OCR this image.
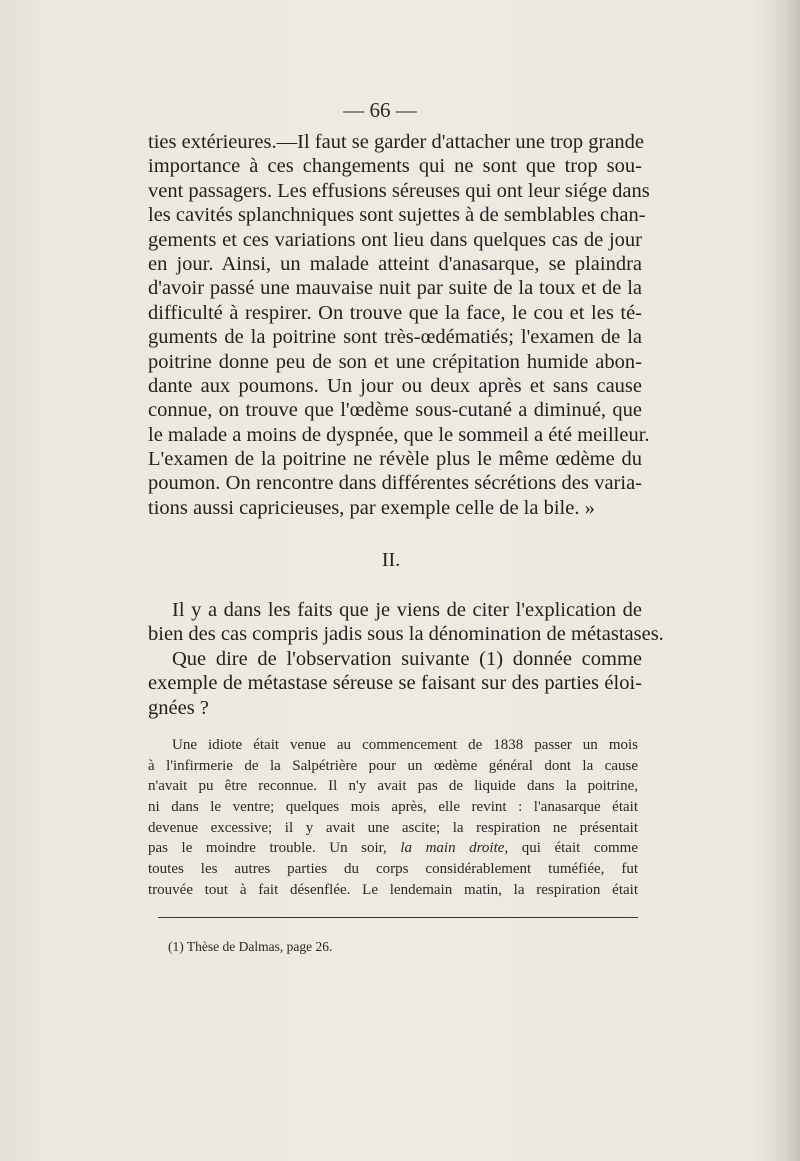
— 66 —
ties extérieures.—Il faut se garder d'attacher une trop grande
importance à ces changements qui ne sont que trop sou-
vent passagers. Les effusions séreuses qui ont leur siége dans
les cavités splanchniques sont sujettes à de semblables chan-
gements et ces variations ont lieu dans quelques cas de jour
en jour. Ainsi, un malade atteint d'anasarque, se plaindra
d'avoir passé une mauvaise nuit par suite de la toux et de la
difficulté à respirer. On trouve que la face, le cou et les té-
guments de la poitrine sont très-œdématiés; l'examen de la
poitrine donne peu de son et une crépitation humide abon-
dante aux poumons. Un jour ou deux après et sans cause
connue, on trouve que l'œdème sous-cutané a diminué, que
le malade a moins de dyspnée, que le sommeil a été meilleur.
L'examen de la poitrine ne révèle plus le même œdème du
poumon. On rencontre dans différentes sécrétions des varia-
tions aussi capricieuses, par exemple celle de la bile. »
II.
Il y a dans les faits que je viens de citer l'explication de
bien des cas compris jadis sous la dénomination de métastases.
Que dire de l'observation suivante (1) donnée comme
exemple de métastase séreuse se faisant sur des parties éloi-
gnées ?
Une idiote était venue au commencement de 1838 passer un mois
à l'infirmerie de la Salpétrière pour un œdème général dont la cause
n'avait pu être reconnue. Il n'y avait pas de liquide dans la poitrine,
ni dans le ventre; quelques mois après, elle revint : l'anasarque était
devenue excessive; il y avait une ascite; la respiration ne présentait
pas le moindre trouble. Un soir, la main droite, qui était comme
toutes les autres parties du corps considérablement tuméfiée, fut
trouvée tout à fait désenflée. Le lendemain matin, la respiration était
(1) Thèse de Dalmas, page 26.
